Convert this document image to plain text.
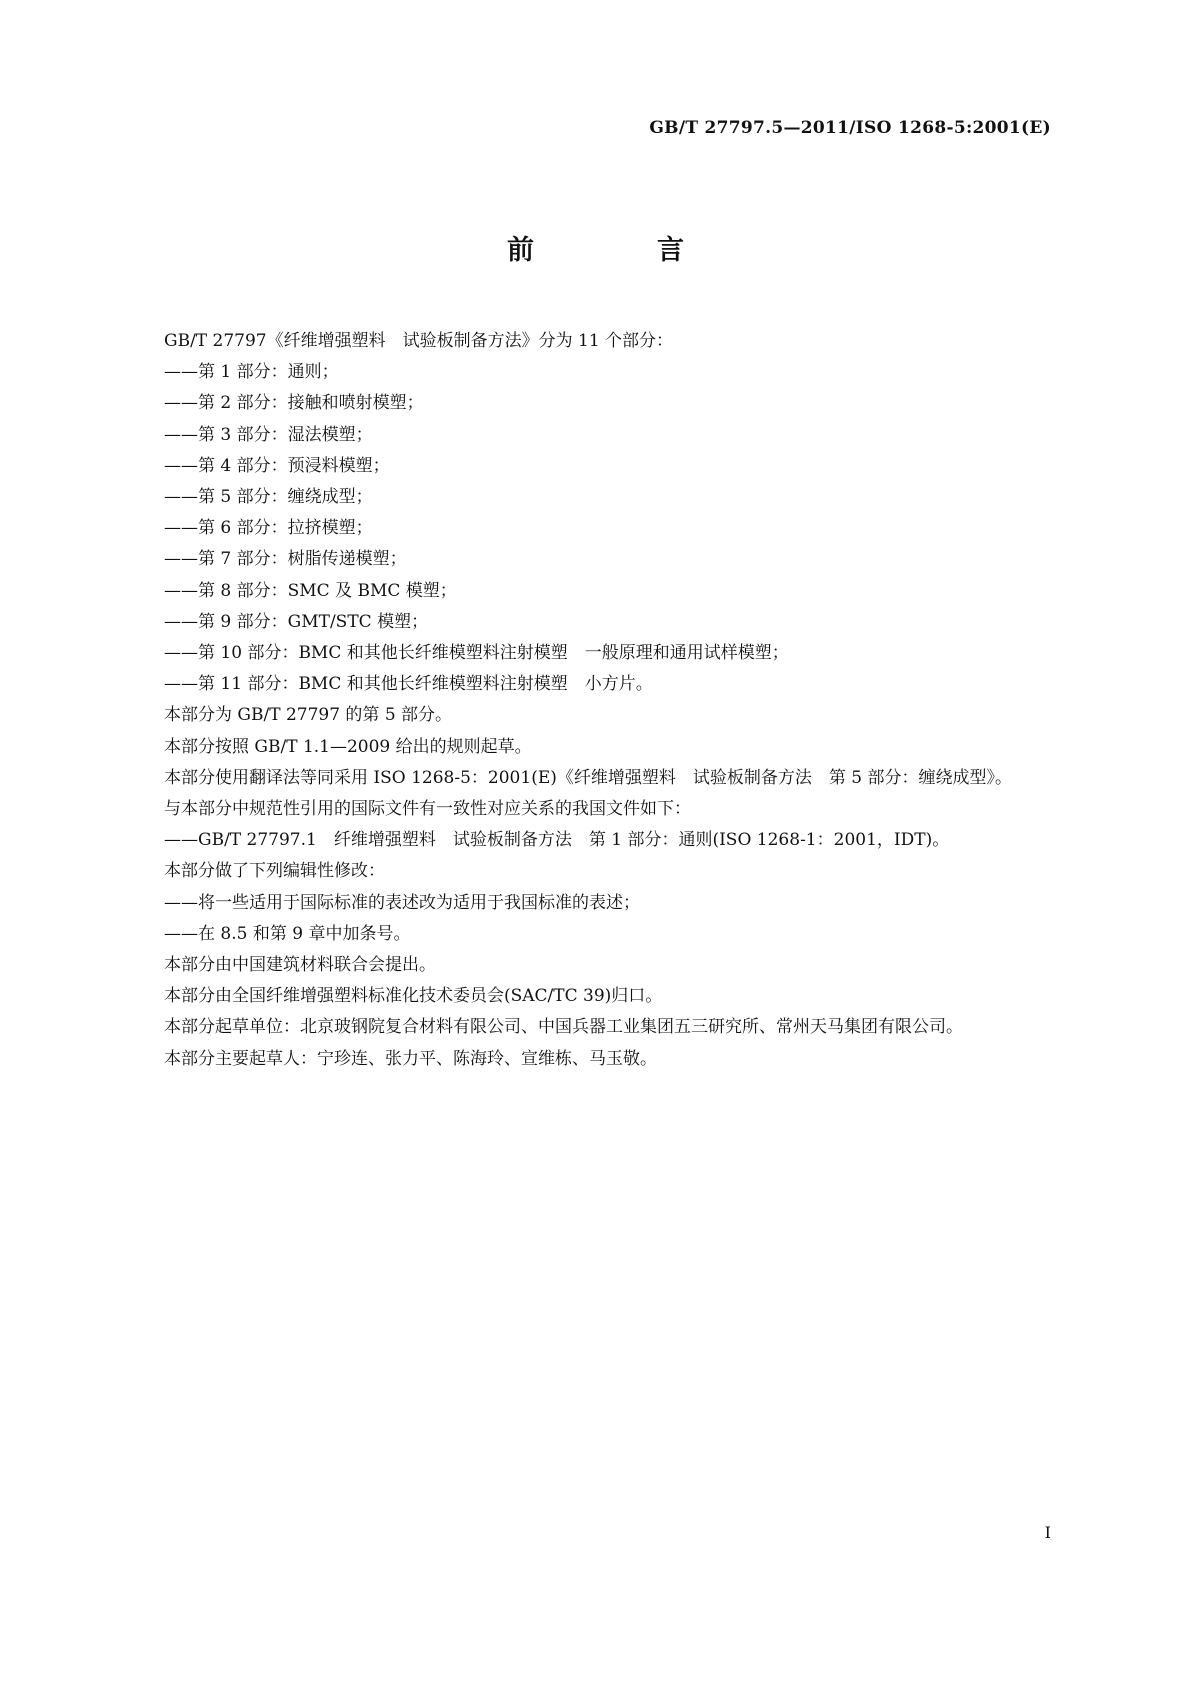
GB/T 27797.5—2011/ISO 1268-5:2001(E)
前　言

GB/T 27797《纤维增强塑料　试验板制备方法》分为 11 个部分：

——第 1 部分：通则；

——第 2 部分：接触和喷射模塑；

——第 3 部分：湿法模塑；

——第 4 部分：预浸料模塑；

——第 5 部分：缠绕成型；

——第 6 部分：拉挤模塑；

——第 7 部分：树脂传递模塑；

——第 8 部分：SMC 及 BMC 模塑；

——第 9 部分：GMT/STC 模塑；

——第 10 部分：BMC 和其他长纤维模塑料注射模塑　一般原理和通用试样模塑；

——第 11 部分：BMC 和其他长纤维模塑料注射模塑　小方片。

本部分为 GB/T 27797 的第 5 部分。

本部分按照 GB/T 1.1—2009 给出的规则起草。

本部分使用翻译法等同采用 ISO 1268-5：2001(E)《纤维增强塑料　试验板制备方法　第 5 部分：缠绕成型》。

与本部分中规范性引用的国际文件有一致性对应关系的我国文件如下：

——GB/T 27797.1　纤维增强塑料　试验板制备方法　第 1 部分：通则(ISO 1268-1：2001，IDT)。

本部分做了下列编辑性修改：

——将一些适用于国际标准的表述改为适用于我国标准的表述；

——在 8.5 和第 9 章中加条号。

本部分由中国建筑材料联合会提出。

本部分由全国纤维增强塑料标准化技术委员会(SAC/TC 39)归口。

本部分起草单位：北京玻钢院复合材料有限公司、中国兵器工业集团五三研究所、常州天马集团有限公司。

本部分主要起草人：宁珍连、张力平、陈海玲、宣维栋、马玉敬。

I
